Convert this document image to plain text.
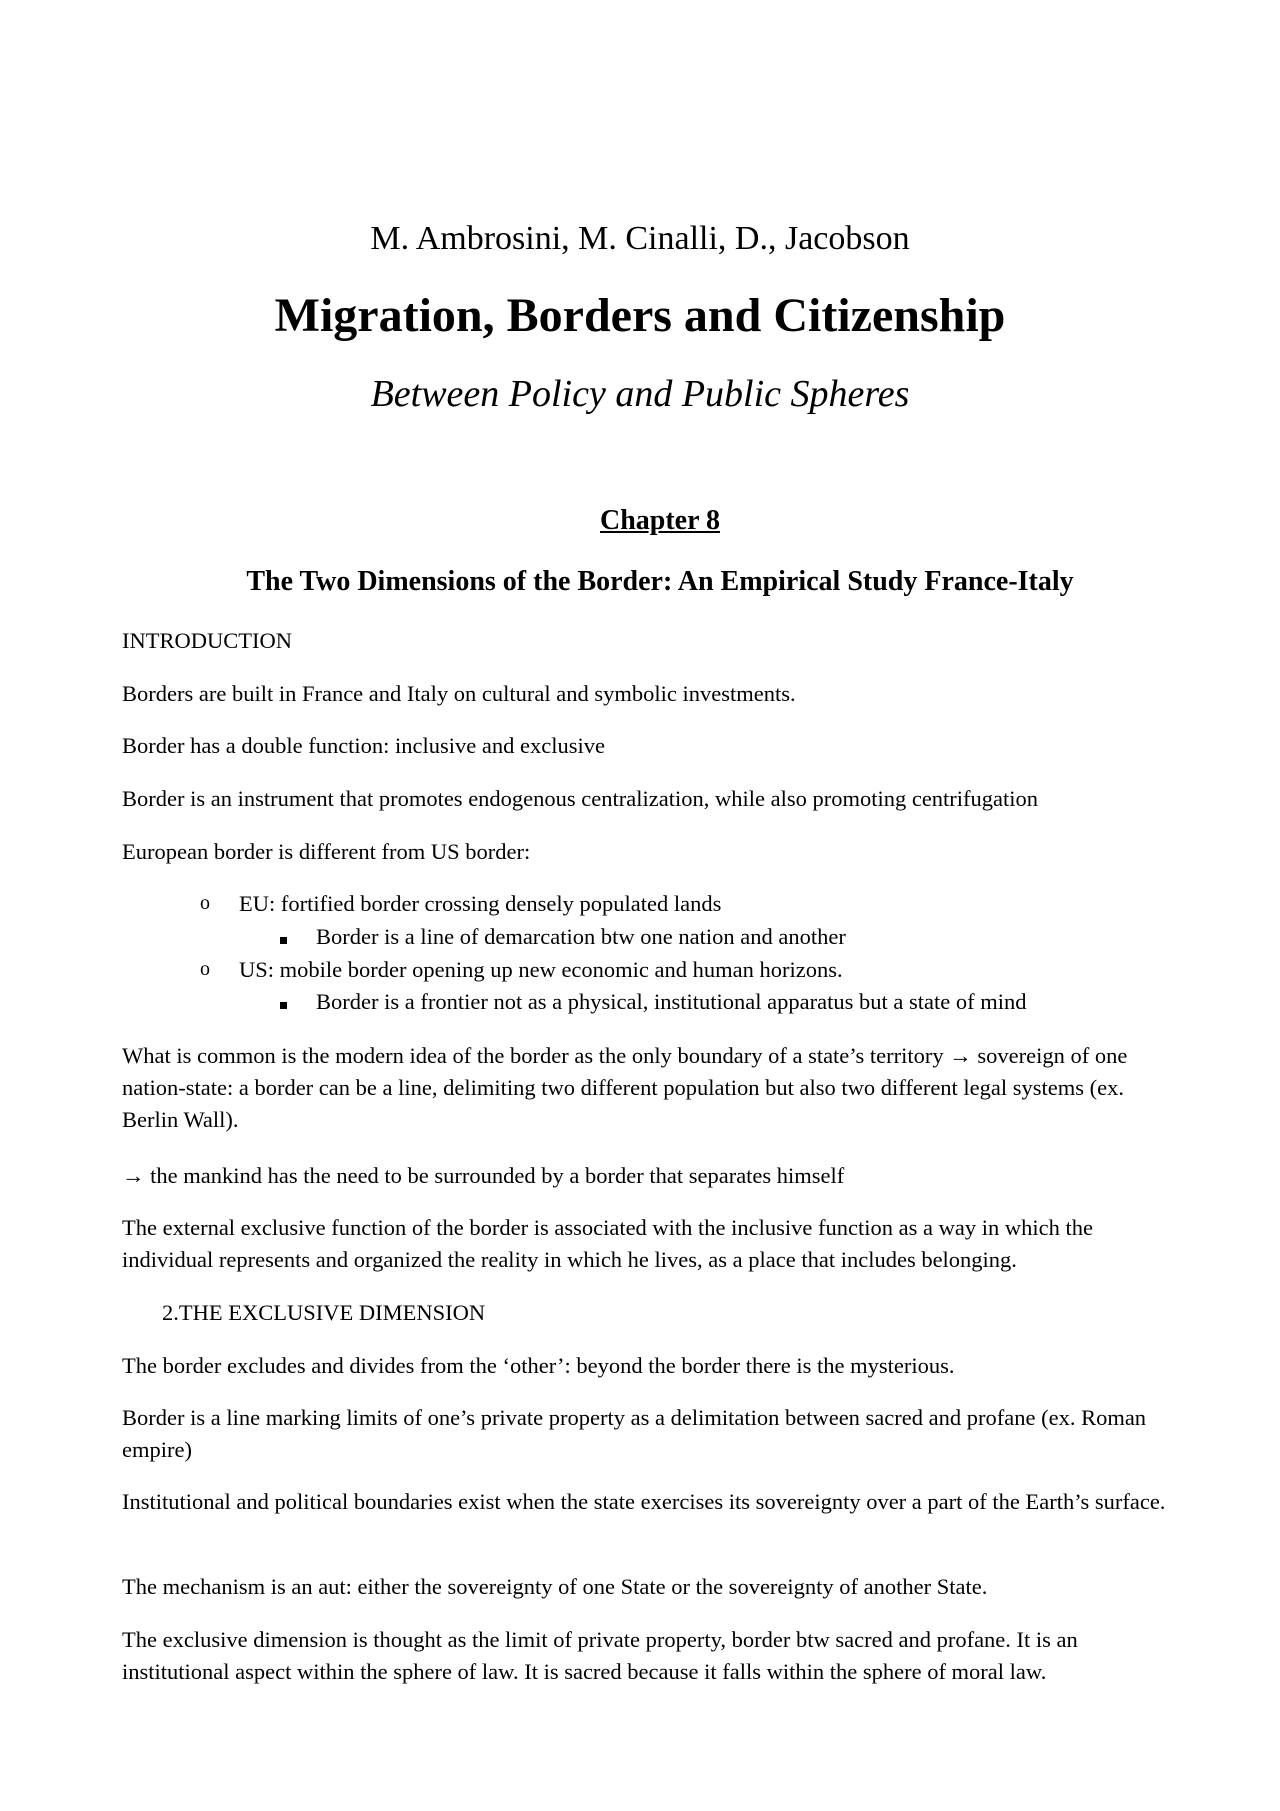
M. Ambrosini, M. Cinalli, D., Jacobson

Migration, Borders and Citizenship

Between Policy and Public Spheres

Chapter 8

The Two Dimensions of the Border: An Empirical Study France-Italy

INTRODUCTION

Borders are built in France and Italy on cultural and symbolic investments.

Border has a double function: inclusive and exclusive

Border is an instrument that promotes endogenous centralization, while also promoting centrifugation

European border is different from US border:

o EU: fortified border crossing densely populated lands
Border is a line of demarcation btw one nation and another
o US: mobile border opening up new economic and human horizons.
Border is a frontier not as a physical, institutional apparatus but a state of mind

What is common is the modern idea of the border as the only boundary of a state’s territory → sovereign of one nation-state: a border can be a line, delimiting two different population but also two different legal systems (ex. Berlin Wall).

→ the mankind has the need to be surrounded by a border that separates himself

The external exclusive function of the border is associated with the inclusive function as a way in which the individual represents and organized the reality in which he lives, as a place that includes belonging.

2.THE EXCLUSIVE DIMENSION

The border excludes and divides from the ‘other’: beyond the border there is the mysterious.

Border is a line marking limits of one’s private property as a delimitation between sacred and profane (ex. Roman empire)

Institutional and political boundaries exist when the state exercises its sovereignty over a part of the Earth’s surface.

The mechanism is an aut: either the sovereignty of one State or the sovereignty of another State.

The exclusive dimension is thought as the limit of private property, border btw sacred and profane. It is an institutional aspect within the sphere of law. It is sacred because it falls within the sphere of moral law.
